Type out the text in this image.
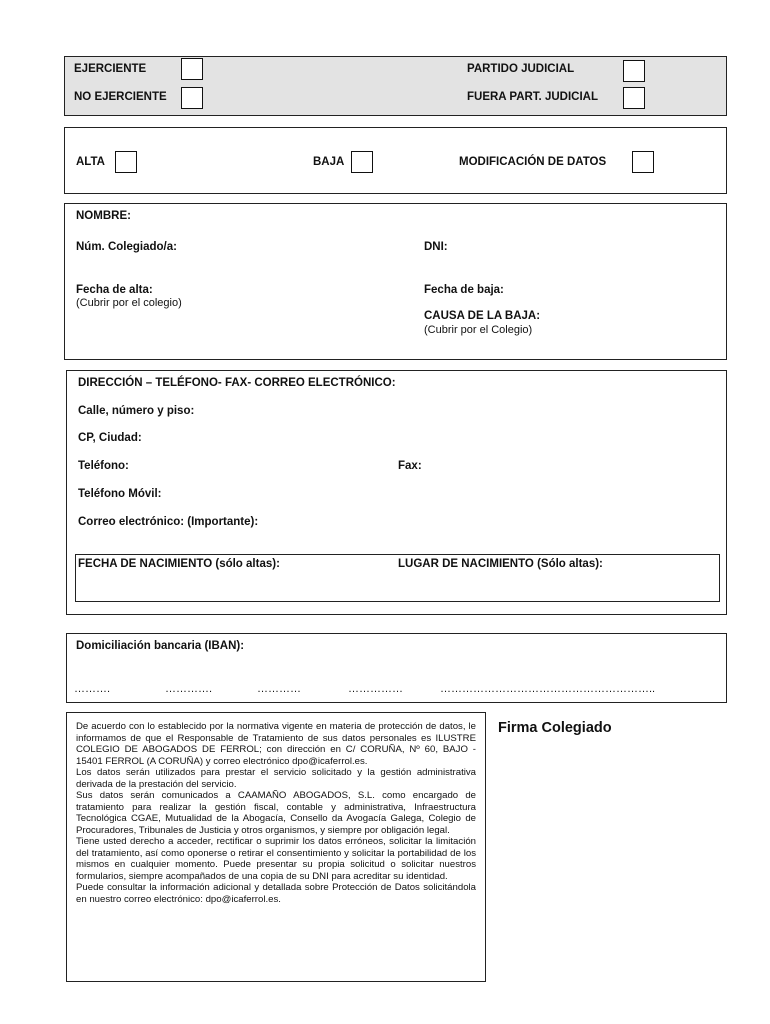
EJERCIENTE
NO EJERCIENTE
PARTIDO JUDICIAL
FUERA PART. JUDICIAL
ALTA	BAJA	MODIFICACIÓN DE DATOS
NOMBRE:
Núm. Colegiado/a:	DNI:
Fecha de alta:
(Cubrir por el colegio)
Fecha de baja:
CAUSA DE LA BAJA:
(Cubrir por el Colegio)
DIRECCIÓN – TELÉFONO- FAX- CORREO ELECTRÓNICO:
Calle, número y piso:
CP, Ciudad:
Teléfono:	Fax:
Teléfono Móvil:
Correo electrónico: (Importante):
FECHA DE NACIMIENTO (sólo altas):	LUGAR DE NACIMIENTO (Sólo altas):
Domiciliación bancaria (IBAN):
……….	………….	…………	……………	…………………………………………………..

De acuerdo con lo establecido por la normativa vigente en materia de protección de datos, le informamos de que el Responsable de Tratamiento de sus datos personales es ILUSTRE COLEGIO DE ABOGADOS DE FERROL; con dirección en C/ CORUÑA, Nº 60, BAJO - 15401 FERROL (A CORUÑA) y correo electrónico dpo@icaferrol.es.

Los datos serán utilizados para prestar el servicio solicitado y la gestión administrativa derivada de la prestación del servicio.

Sus datos serán comunicados a CAAMAÑO ABOGADOS, S.L. como encargado de tratamiento para realizar la gestión fiscal, contable y administrativa, Infraestructura Tecnológica CGAE, Mutualidad de la Abogacía, Consello da Avogacía Galega, Colegio de Procuradores, Tribunales de Justicia y otros organismos, y siempre por obligación legal.

Tiene usted derecho a acceder, rectificar o suprimir los datos erróneos, solicitar la limitación del tratamiento, así como oponerse o retirar el consentimiento y solicitar la portabilidad de los mismos en cualquier momento. Puede presentar su propia solicitud o solicitar nuestros formularios, siempre acompañados de una copia de su DNI para acreditar su identidad.

Puede consultar la información adicional y detallada sobre Protección de Datos solicitándola en nuestro correo electrónico: dpo@icaferrol.es.

Firma Colegiado
